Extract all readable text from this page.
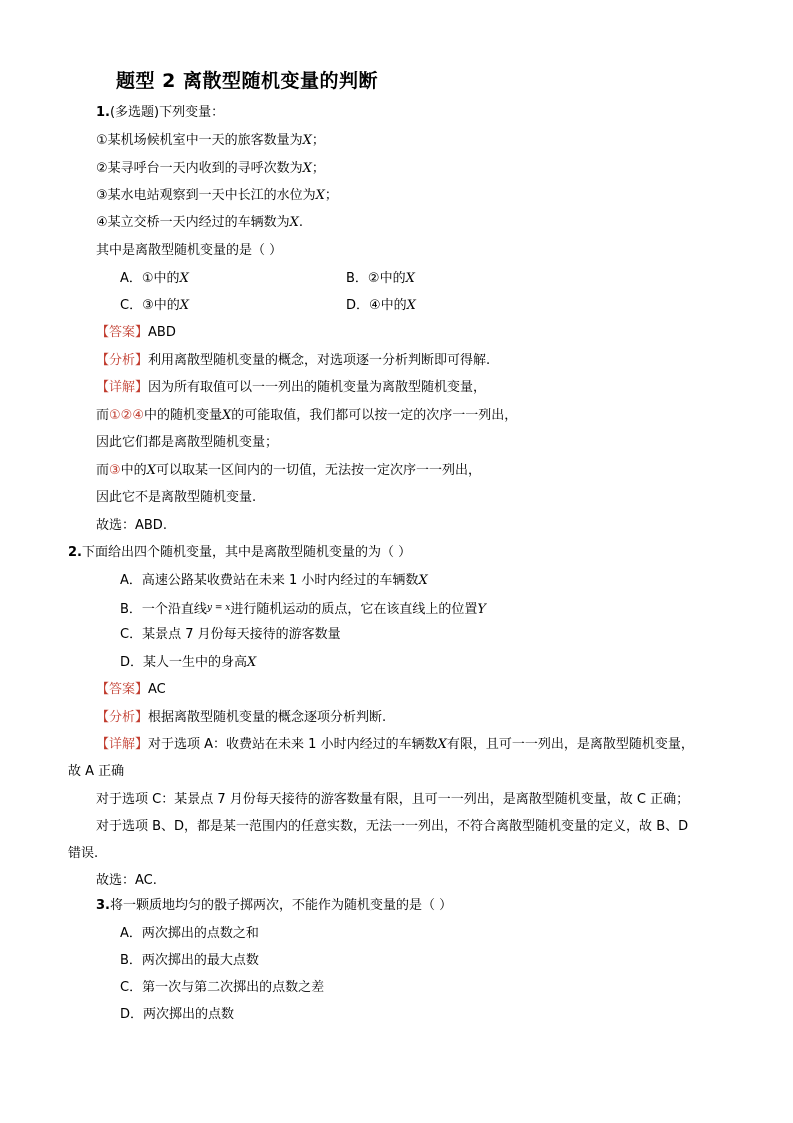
题型 2 离散型随机变量的判断
1.(多选题)下列变量：
①某机场候机室中一天的旅客数量为X；
②某寻呼台一天内收到的寻呼次数为X；
③某水电站观察到一天中长江的水位为X；
④某立交桥一天内经过的车辆数为X.
其中是离散型随机变量的是（ ）
A．①中的X	B．②中的X
C．③中的X	D．④中的X
【答案】ABD
【分析】利用离散型随机变量的概念，对选项逐一分析判断即可得解.
【详解】因为所有取值可以一一列出的随机变量为离散型随机变量，
而①②④中的随机变量X的可能取值，我们都可以按一定的次序一一列出，
因此它们都是离散型随机变量；
而③中的X可以取某一区间内的一切值，无法按一定次序一一列出，
因此它不是离散型随机变量.
故选：ABD.
2.下面给出四个随机变量，其中是离散型随机变量的为（ ）
A．高速公路某收费站在未来 1 小时内经过的车辆数X
B．一个沿直线$^{y = x}$进行随机运动的质点，它在该直线上的位置Y
C．某景点 7 月份每天接待的游客数量
D．某人一生中的身高X
【答案】AC
【分析】根据离散型随机变量的概念逐项分析判断.
【详解】对于选项 A：收费站在未来 1 小时内经过的车辆数X有限，且可一一列出，是离散型随机变量，
故 A 正确
对于选项 C：某景点 7 月份每天接待的游客数量有限，且可一一列出，是离散型随机变量，故 C 正确；
对于选项 B、D，都是某一范围内的任意实数，无法一一列出，不符合离散型随机变量的定义，故 B、D
错误.
故选：AC.
3.将一颗质地均匀的骰子掷两次，不能作为随机变量的是（ ）
A．两次掷出的点数之和
B．两次掷出的最大点数
C．第一次与第二次掷出的点数之差
D．两次掷出的点数
